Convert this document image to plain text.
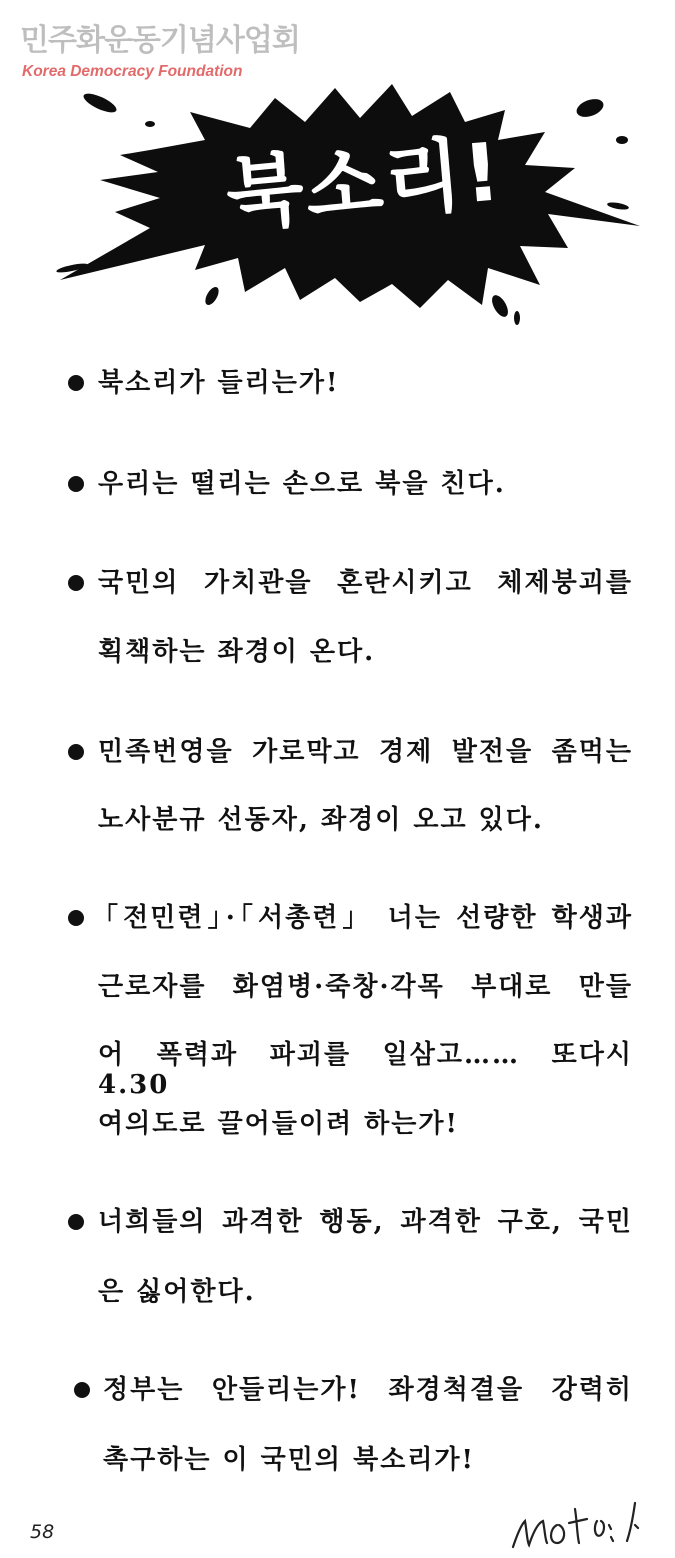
북소리!
민주화운동기념사업회
Korea Democracy Foundation
북소리가 들리는가!
우리는 떨리는 손으로 북을 친다.
국민의 가치관을 혼란시키고 체제붕괴를
획책하는 좌경이 온다.
민족번영을 가로막고 경제 발전을 좀먹는
노사분규 선동자, 좌경이 오고 있다.
「전민련」·「서총련」 너는 선량한 학생과
근로자를 화염병·죽창·각목 부대로 만들
어 폭력과 파괴를 일삼고…… 또다시 4.30
여의도로 끌어들이려 하는가!
너희들의 과격한 행동, 과격한 구호, 국민
은 싫어한다.
정부는 안들리는가! 좌경척결을 강력히
촉구하는 이 국민의 북소리가!
58
